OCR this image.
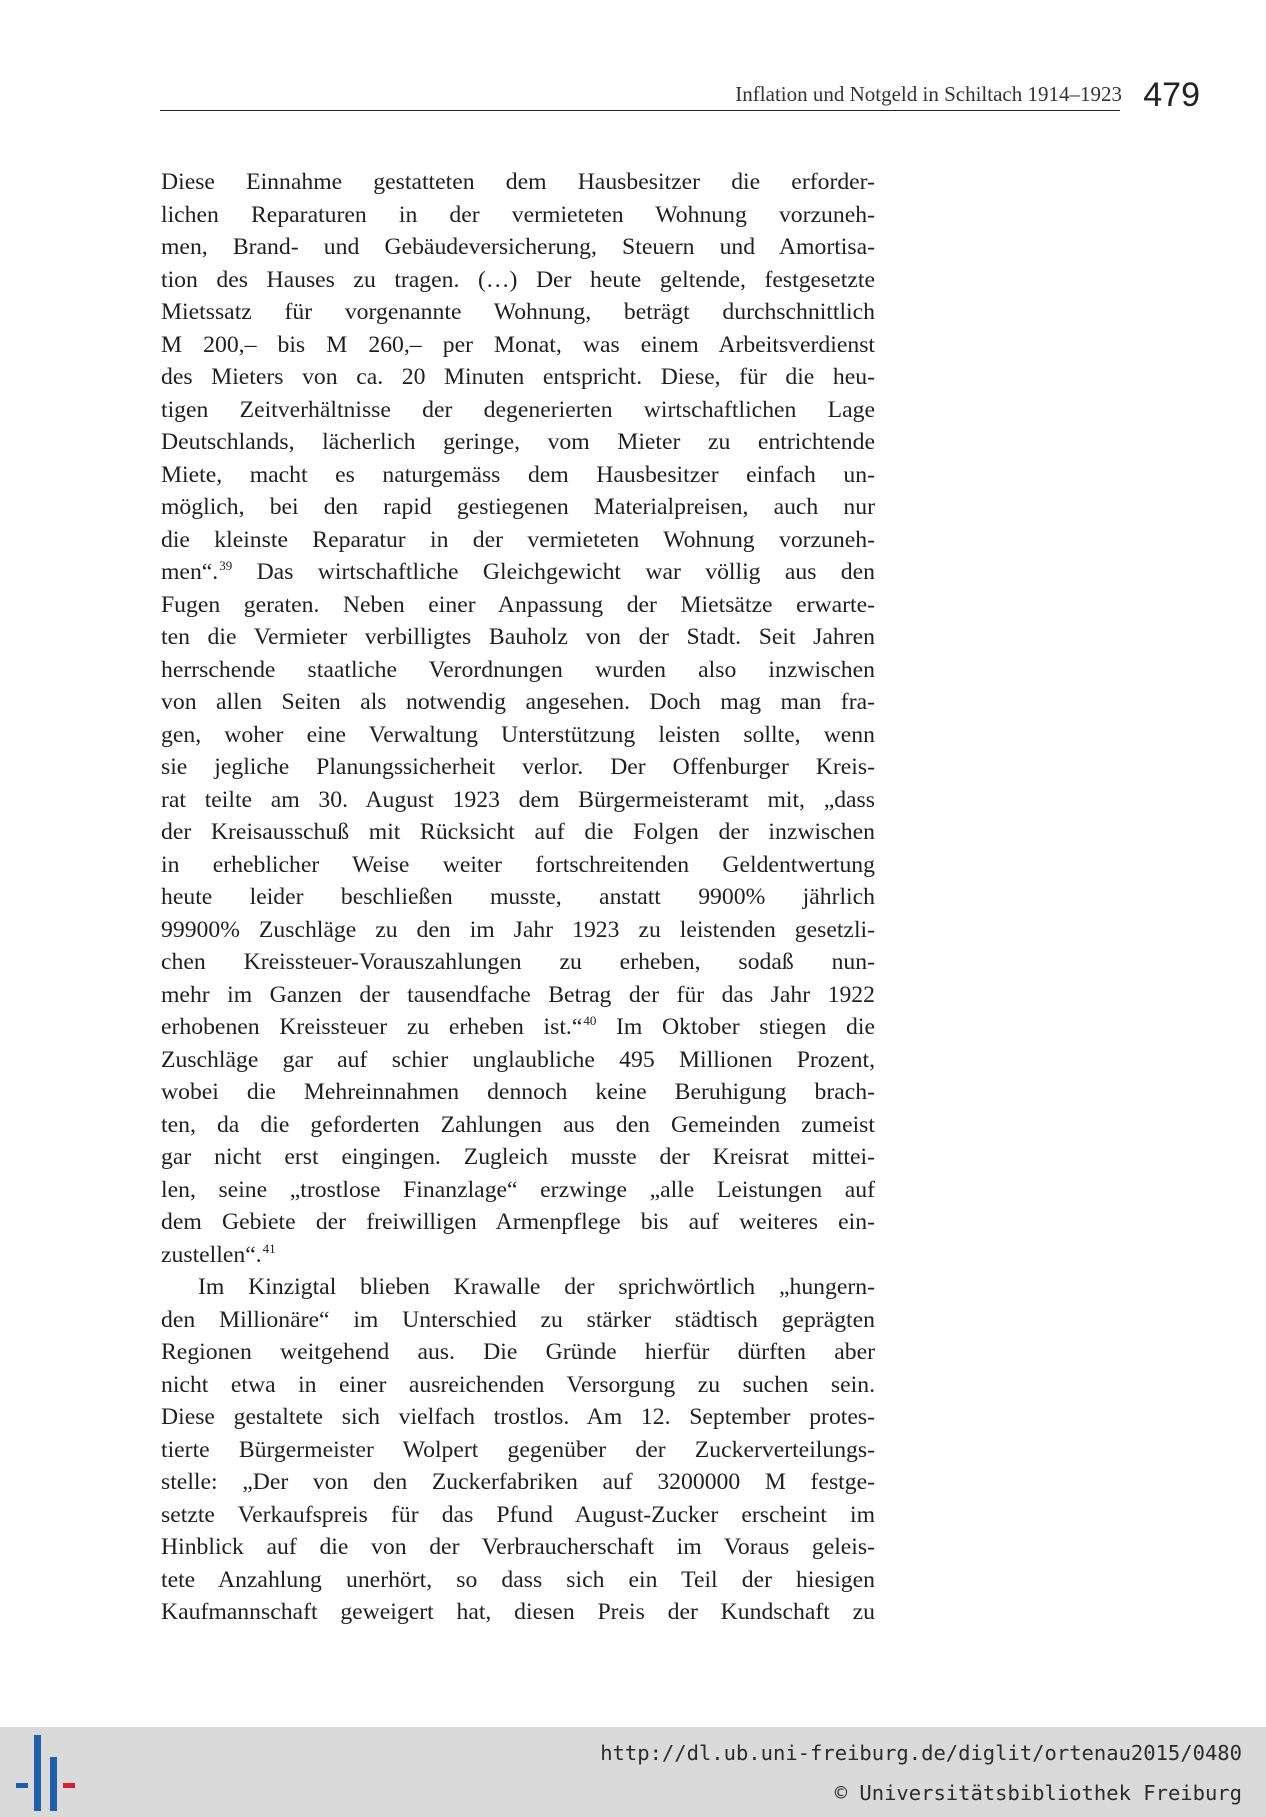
Inflation und Notgeld in Schiltach 1914–1923 479
Diese Einnahme gestatteten dem Hausbesitzer die erforder-
lichen Reparaturen in der vermieteten Wohnung vorzuneh-
men, Brand- und Gebäudeversicherung, Steuern und Amortisa-
tion des Hauses zu tragen. (…) Der heute geltende, festgesetzte
Mietssatz für vorgenannte Wohnung, beträgt durchschnittlich
M 200,– bis M 260,– per Monat, was einem Arbeitsverdienst
des Mieters von ca. 20 Minuten entspricht. Diese, für die heu-
tigen Zeitverhältnisse der degenerierten wirtschaftlichen Lage
Deutschlands, lächerlich geringe, vom Mieter zu entrichtende
Miete, macht es naturgemäss dem Hausbesitzer einfach un-
möglich, bei den rapid gestiegenen Materialpreisen, auch nur
die kleinste Reparatur in der vermieteten Wohnung vorzuneh-
men“.$^{39}$ Das wirtschaftliche Gleichgewicht war völlig aus den
Fugen geraten. Neben einer Anpassung der Mietsätze erwarte-
ten die Vermieter verbilligtes Bauholz von der Stadt. Seit Jahren
herrschende staatliche Verordnungen wurden also inzwischen
von allen Seiten als notwendig angesehen. Doch mag man fra-
gen, woher eine Verwaltung Unterstützung leisten sollte, wenn
sie jegliche Planungssicherheit verlor. Der Offenburger Kreis-
rat teilte am 30. August 1923 dem Bürgermeisteramt mit, „dass
der Kreisausschuß mit Rücksicht auf die Folgen der inzwischen
in erheblicher Weise weiter fortschreitenden Geldentwertung
heute leider beschließen musste, anstatt 9900% jährlich
99900% Zuschläge zu den im Jahr 1923 zu leistenden gesetzli-
chen Kreissteuer-Vorauszahlungen zu erheben, sodaß nun-
mehr im Ganzen der tausendfache Betrag der für das Jahr 1922
erhobenen Kreissteuer zu erheben ist.“$^{40}$ Im Oktober stiegen die
Zuschläge gar auf schier unglaubliche 495 Millionen Prozent,
wobei die Mehreinnahmen dennoch keine Beruhigung brach-
ten, da die geforderten Zahlungen aus den Gemeinden zumeist
gar nicht erst eingingen. Zugleich musste der Kreisrat mittei-
len, seine „trostlose Finanzlage“ erzwinge „alle Leistungen auf
dem Gebiete der freiwilligen Armenpflege bis auf weiteres ein-
zustellen“.$^{41}$
Im Kinzigtal blieben Krawalle der sprichwörtlich „hungern-
den Millionäre“ im Unterschied zu stärker städtisch geprägten
Regionen weitgehend aus. Die Gründe hierfür dürften aber
nicht etwa in einer ausreichenden Versorgung zu suchen sein.
Diese gestaltete sich vielfach trostlos. Am 12. September protes-
tierte Bürgermeister Wolpert gegenüber der Zuckerverteilungs-
stelle: „Der von den Zuckerfabriken auf 3200000 M festge-
setzte Verkaufspreis für das Pfund August-Zucker erscheint im
Hinblick auf die von der Verbraucherschaft im Voraus geleis-
tete Anzahlung unerhört, so dass sich ein Teil der hiesigen
Kaufmannschaft geweigert hat, diesen Preis der Kundschaft zu
http://dl.ub.uni-freiburg.de/diglit/ortenau2015/0480
© Universitätsbibliothek Freiburg
